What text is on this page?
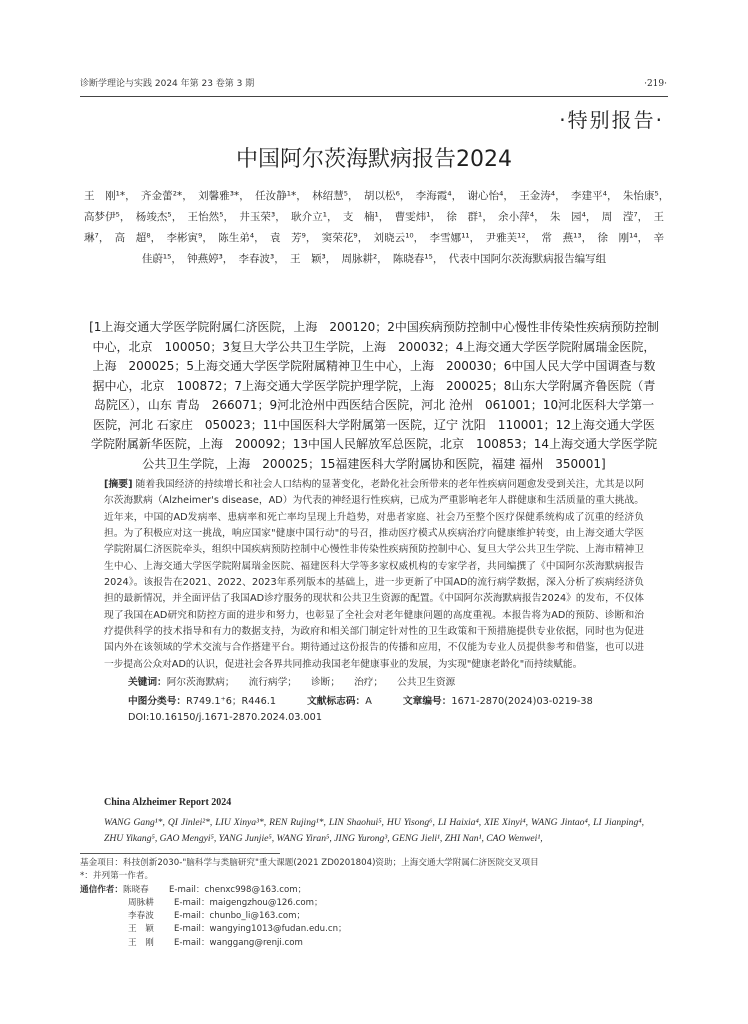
诊断学理论与实践 2024 年第 23 卷第 3 期	·219·
·特别报告·
中国阿尔茨海默病报告2024
王　刚¹*，　齐金蕾²*，　刘馨雅³*，　任汝静¹*，　林绍慧⁵，　胡以松⁶，　李海霞⁴，　谢心怡⁴，　王金涛⁴，　李建平⁴，　朱怡康⁵，　高梦伊⁵，　杨竣杰⁵，　王怡然⁵，　井玉荣³，　耿介立¹，　支　楠¹，　曹雯炜¹，　徐　群¹，　余小萍⁴，　朱　园⁴，　周　滢⁷，　王　琳⁷，　高　超⁸，　李彬寅⁹，　陈生弟⁴，　袁　芳⁹，　窦荣花⁹，　刘晓云¹⁰，　李雪娜¹¹，　尹雅芙¹²，　常　燕¹³，　徐　刚¹⁴，　辛佳蔚¹⁵，　钟燕婷³，　李春波³，　王　颖³，　周脉耕²，　陈晓春¹⁵，　代表中国阿尔茨海默病报告编写组
[1上海交通大学医学院附属仁济医院，上海　200120；2中国疾病预防控制中心慢性非传染性疾病预防控制中心，北京　100050；3复旦大学公共卫生学院，上海　200032；4上海交通大学医学院附属瑞金医院，上海　200025；5上海交通大学医学院附属精神卫生中心，上海　200030；6中国人民大学中国调查与数据中心，北京　100872；7上海交通大学医学院护理学院，上海　200025；8山东大学附属齐鲁医院（青岛院区），山东 青岛　266071；9河北沧州中西医结合医院，河北 沧州　061001；10河北医科大学第一医院，河北 石家庄　050023；11中国医科大学附属第一医院，辽宁 沈阳　110001；12上海交通大学医学院附属新华医院，上海　200092；13中国人民解放军总医院，北京　100853；14上海交通大学医学院公共卫生学院，上海　200025；15福建医科大学附属协和医院，福建 福州　350001]
[摘要] 随着我国经济的持续增长和社会人口结构的显著变化，老龄化社会所带来的老年性疾病问题愈发受到关注，尤其是以阿尔茨海默病（Alzheimer's disease，AD）为代表的神经退行性疾病，已成为严重影响老年人群健康和生活质量的重大挑战。近年来，中国的AD发病率、患病率和死亡率均呈现上升趋势，对患者家庭、社会乃至整个医疗保健系统构成了沉重的经济负担。为了积极应对这一挑战，响应国家"健康中国行动"的号召，推动医疗模式从疾病治疗向健康维护转变，由上海交通大学医学院附属仁济医院牵头，组织中国疾病预防控制中心慢性非传染性疾病预防控制中心、复旦大学公共卫生学院、上海市精神卫生中心、上海交通大学医学院附属瑞金医院、福建医科大学等多家权威机构的专家学者，共同编撰了《中国阿尔茨海默病报告2024》。该报告在2021、2022、2023年系列版本的基础上，进一步更新了中国AD的流行病学数据，深入分析了疾病经济负担的最新情况，并全面评估了我国AD诊疗服务的现状和公共卫生资源的配置。《中国阿尔茨海默病报告2024》的发布，不仅体现了我国在AD研究和防控方面的进步和努力，也彰显了全社会对老年健康问题的高度重视。本报告将为AD的预防、诊断和治疗提供科学的技术指导和有力的数据支持，为政府和相关部门制定针对性的卫生政策和干预措施提供专业依据，同时也为促进国内外在该领域的学术交流与合作搭建平台。期待通过这份报告的传播和应用，不仅能为专业人员提供参考和借鉴，也可以进一步提高公众对AD的认识，促进社会各界共同推动我国老年健康事业的发展，为实现"健康老龄化"而持续赋能。
关键词：阿尔茨海默病； 流行病学； 诊断； 治疗； 公共卫生资源
中图分类号：R749.1⁺6；R446.1	文献标志码：A	文章编号：1671-2870(2024)03-0219-38
DOI:10.16150/j.1671-2870.2024.03.001
China Alzheimer Report 2024
WANG Gang¹*, QI Jinlei²*, LIU Xinya³*, REN Rujing¹*, LIN Shaohui⁵, HU Yisong⁶, LI Haixia⁴, XIE Xinyi⁴, WANG Jintao⁴, LI Jianping⁴, ZHU Yikang⁵, GAO Mengyi⁵, YANG Junjie⁵, WANG Yiran⁵, JING Yurong³, GENG Jieli¹, ZHI Nan¹, CAO Wenwei¹,
基金项目：科技创新2030-"脑科学与类脑研究"重大课题(2021 ZD0201804)资助；上海交通大学附属仁济医院交叉项目
*：并列第一作者。
通信作者： 陈晓春	E-mail：chenxc998@163.com；
周脉耕	E-mail：maigengzhou@126.com；
李春波	E-mail：chunbo_li@163.com；
王　颖	E-mail：wangying1013@fudan.edu.cn；
王　刚	E-mail：wanggang@renji.com
